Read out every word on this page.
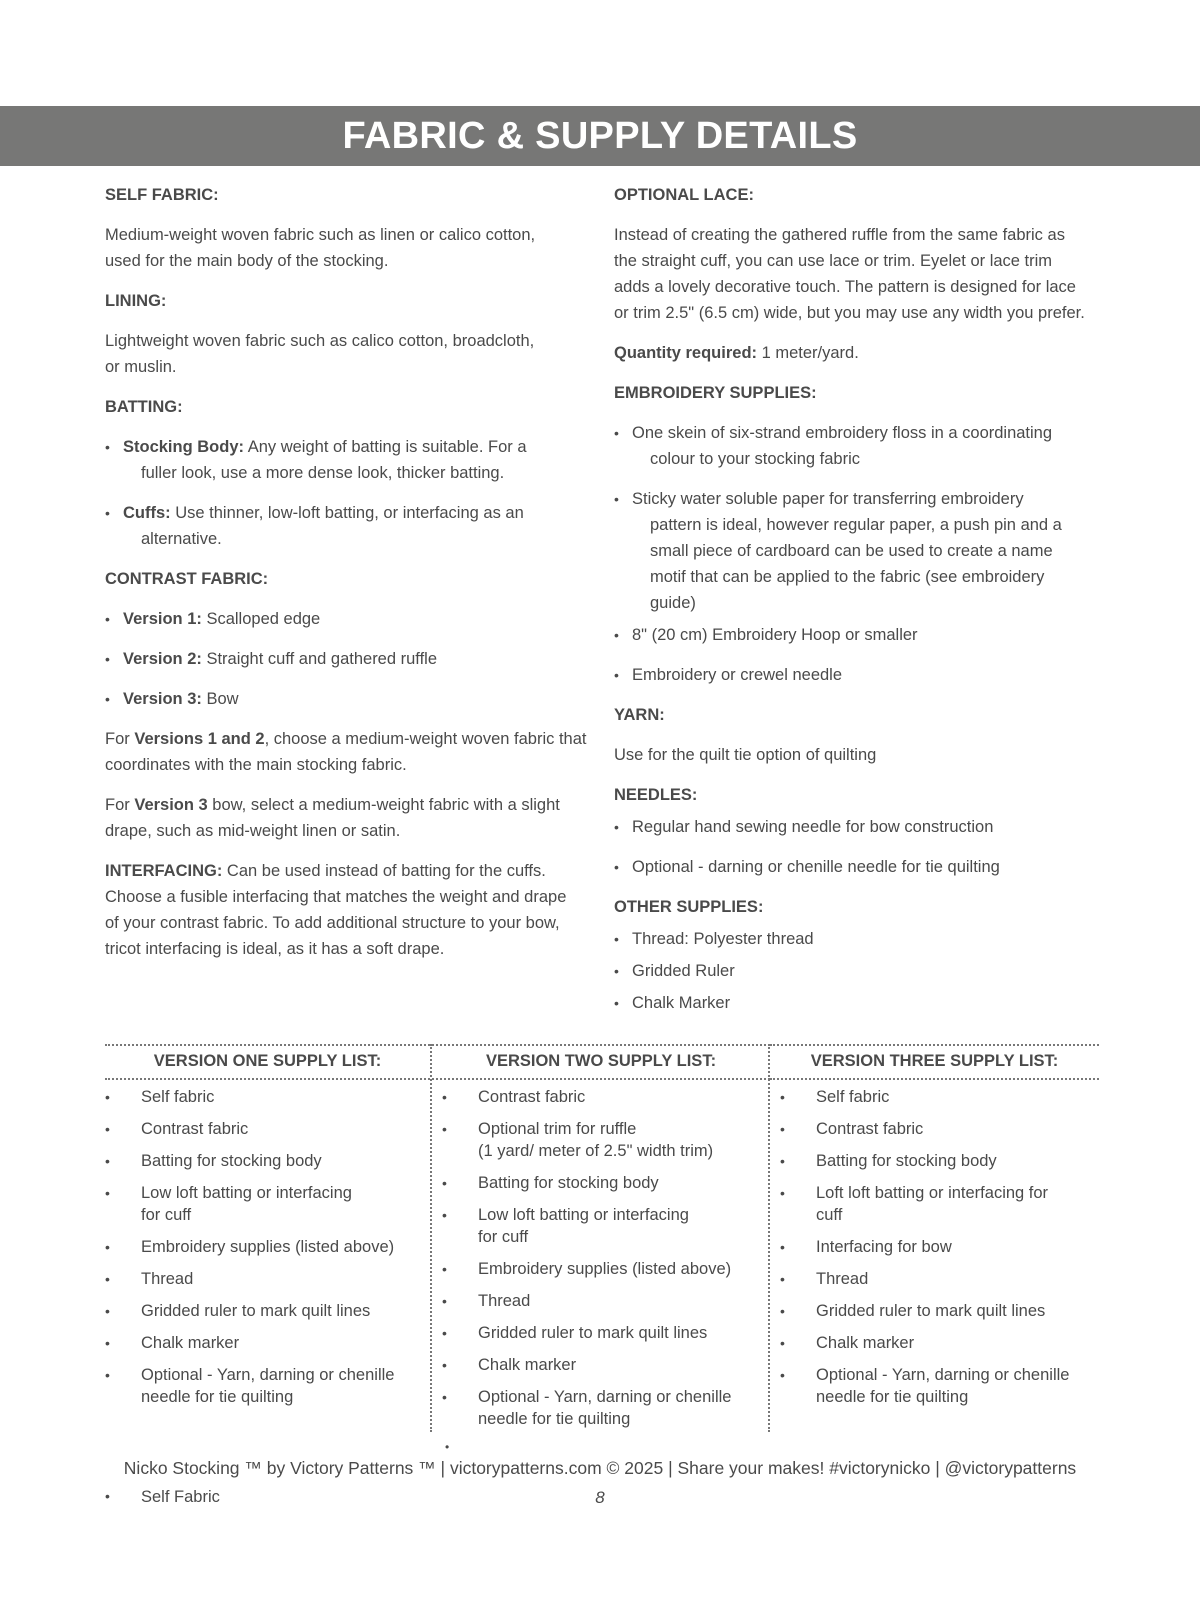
FABRIC & SUPPLY DETAILS
SELF FABRIC:
Medium-weight woven fabric such as linen or calico cotton,
used for the main body of the stocking.
LINING:
Lightweight woven fabric such as calico cotton, broadcloth,
or muslin.
BATTING:
• Stocking Body: Any weight of batting is suitable. For a
fuller look, use a more dense look, thicker batting.
• Cuffs: Use thinner, low-loft batting, or interfacing as an
alternative.
CONTRAST FABRIC:
• Version 1: Scalloped edge
• Version 2: Straight cuff and gathered ruffle
• Version 3: Bow
For Versions 1 and 2, choose a medium-weight woven fabric that
coordinates with the main stocking fabric.
For Version 3 bow, select a medium-weight fabric with a slight
drape, such as mid-weight linen or satin.
INTERFACING: Can be used instead of batting for the cuffs.
Choose a fusible interfacing that matches the weight and drape
of your contrast fabric. To add additional structure to your bow,
tricot interfacing is ideal, as it has a soft drape.
OPTIONAL LACE:
Instead of creating the gathered ruffle from the same fabric as
the straight cuff, you can use lace or trim. Eyelet or lace trim
adds a lovely decorative touch. The pattern is designed for lace
or trim 2.5" (6.5 cm) wide, but you may use any width you prefer.
Quantity required: 1 meter/yard.
EMBROIDERY SUPPLIES:
• One skein of six-strand embroidery floss in a coordinating
colour to your stocking fabric
• Sticky water soluble paper for transferring embroidery
pattern is ideal, however regular paper, a push pin and a
small piece of cardboard can be used to create a name
motif that can be applied to the fabric (see embroidery
guide)
• 8" (20 cm) Embroidery Hoop or smaller
• Embroidery or crewel needle
YARN:
Use for the quilt tie option of quilting
NEEDLES:
• Regular hand sewing needle for bow construction
• Optional - darning or chenille needle for tie quilting
OTHER SUPPLIES:
• Thread: Polyester thread
• Gridded Ruler
• Chalk Marker
VERSION ONE SUPPLY LIST:
• Self fabric
• Contrast fabric
• Batting for stocking body
• Low loft batting or interfacing
for cuff
• Embroidery supplies (listed above)
• Thread
• Gridded ruler to mark quilt lines
• Chalk marker
• Optional - Yarn, darning or chenille
needle for tie quilting
VERSION TWO SUPPLY LIST:
• Contrast fabric
• Optional trim for ruffle
(1 yard/ meter of 2.5" width trim)
• Batting for stocking body
• Low loft batting or interfacing
for cuff
• Embroidery supplies (listed above)
• Thread
• Gridded ruler to mark quilt lines
• Chalk marker
• Optional - Yarn, darning or chenille
needle for tie quilting
VERSION THREE SUPPLY LIST:
• Self fabric
• Contrast fabric
• Batting for stocking body
• Loft loft batting or interfacing for
cuff
• Interfacing for bow
• Thread
• Gridded ruler to mark quilt lines
• Chalk marker
• Optional - Yarn, darning or chenille
needle for tie quilting
•
Nicko Stocking ™ by Victory Patterns ™ | victorypatterns.com © 2025 | Share your makes! #victorynicko | @victorypatterns
• Self Fabric	8
